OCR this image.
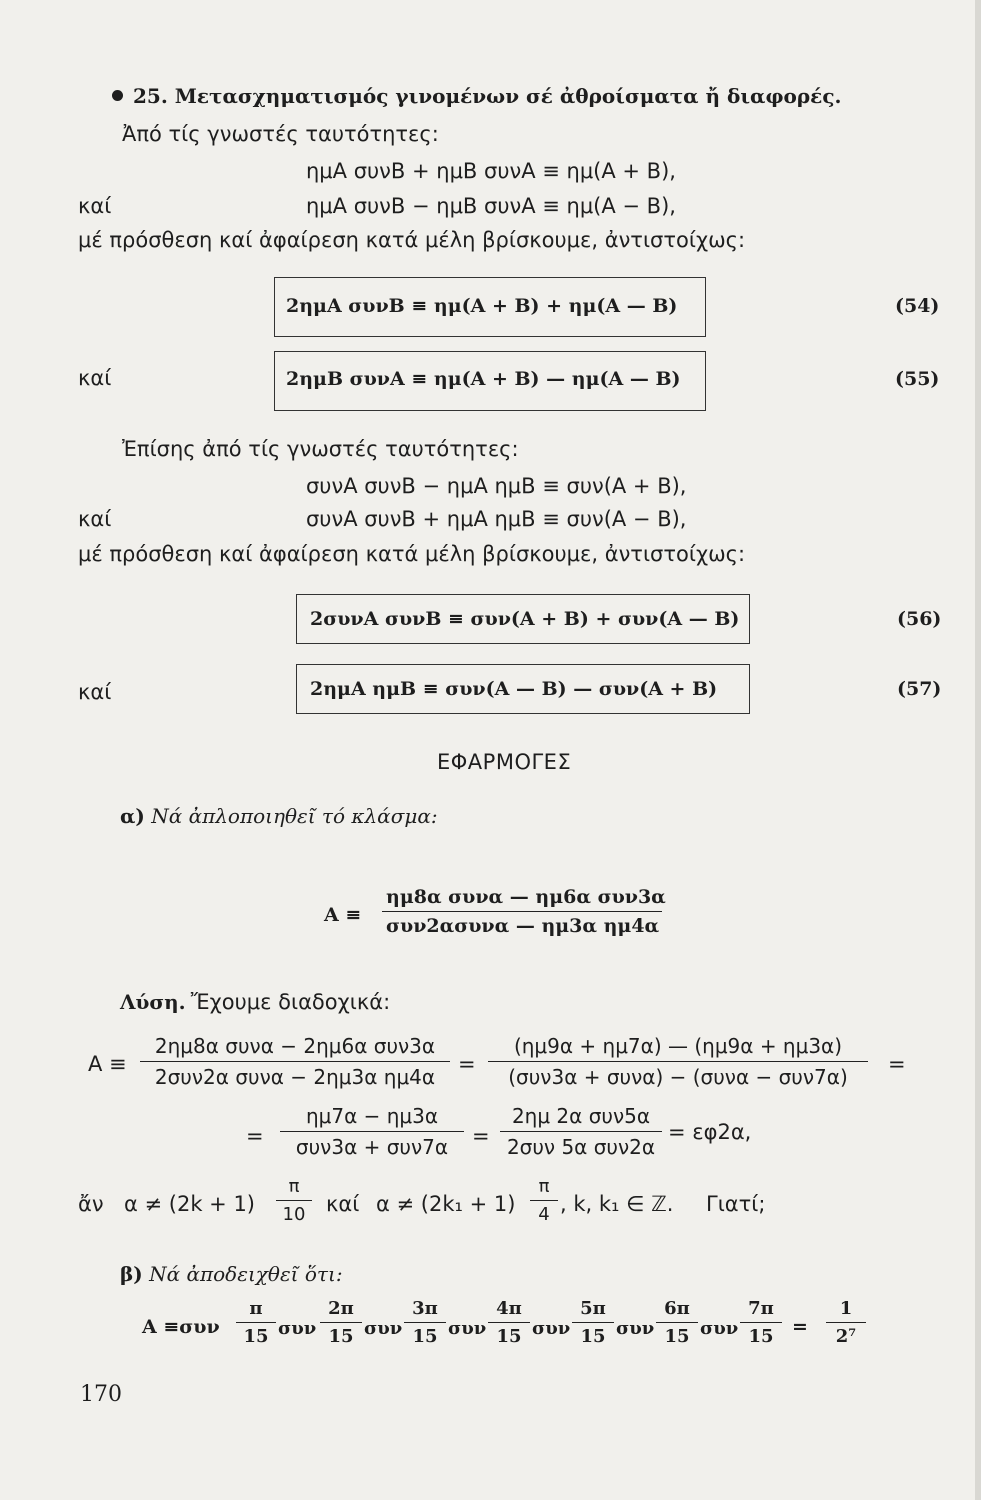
25. Μετασχηματισμός γινομένων σέ ἀθροίσματα ἤ διαφορές.
Ἀπό τίς γνωστές ταυτότητες:
ημΑ συνΒ + ημΒ συνΑ ≡ ημ(Α + Β),
καί	ημΑ συνΒ − ημΒ συνΑ ≡ ημ(Α − Β),
μέ πρόσθεση καί ἀφαίρεση κατά μέλη βρίσκουμε, ἀντιστοίχως:
2ημΑ συνΒ ≡ ημ(Α + Β) + ημ(Α — Β)	(54)
καί	2ημΒ συνΑ ≡ ημ(Α + Β) — ημ(Α — Β)	(55)
Ἐπίσης ἀπό τίς γνωστές ταυτότητες:
συνΑ συνΒ − ημΑ ημΒ ≡ συν(Α + Β),
καί	συνΑ συνΒ + ημΑ ημΒ ≡ συν(Α − Β),
μέ πρόσθεση καί ἀφαίρεση κατά μέλη βρίσκουμε, ἀντιστοίχως:
2συνΑ συνΒ ≡ συν(Α + Β) + συν(Α — Β)	(56)
καί	2ημΑ ημΒ ≡ συν(Α — Β) — συν(Α + Β)	(57)
ΕΦΑΡΜΟΓΕΣ
α) Νά ἀπλοποιηθεῖ τό κλάσμα:
Α ≡
ημ8α συνα — ημ6α συν3α
συν2ασυνα — ημ3α ημ4α
Λύση. Ἔχουμε διαδοχικά:
Α ≡
2ημ8α συνα − 2ημ6α συν3α
2συν2α συνα − 2ημ3α ημ4α
=
(ημ9α + ημ7α) — (ημ9α + ημ3α)
(συν3α + συνα) − (συνα − συν7α)
=
=
ημ7α − ημ3α
συν3α + συν7α	=
2ημ 2α συν5α
2συν 5α συν2α
= εφ2α,
ἄν α ≠ (2k + 1)
π
10 καί α ≠ (2k₁ + 1)
π
4 , k, k₁ ∈ ℤ. Γιατί;
β) Νά ἀποδειχθεῖ ὅτι:
Α ≡συν
π
15 συν
2π
15 συν
3π
15 συν
4π
15 συν
5π
15 συν
6π
15 συν
7π
15 =
1
2⁷
170
